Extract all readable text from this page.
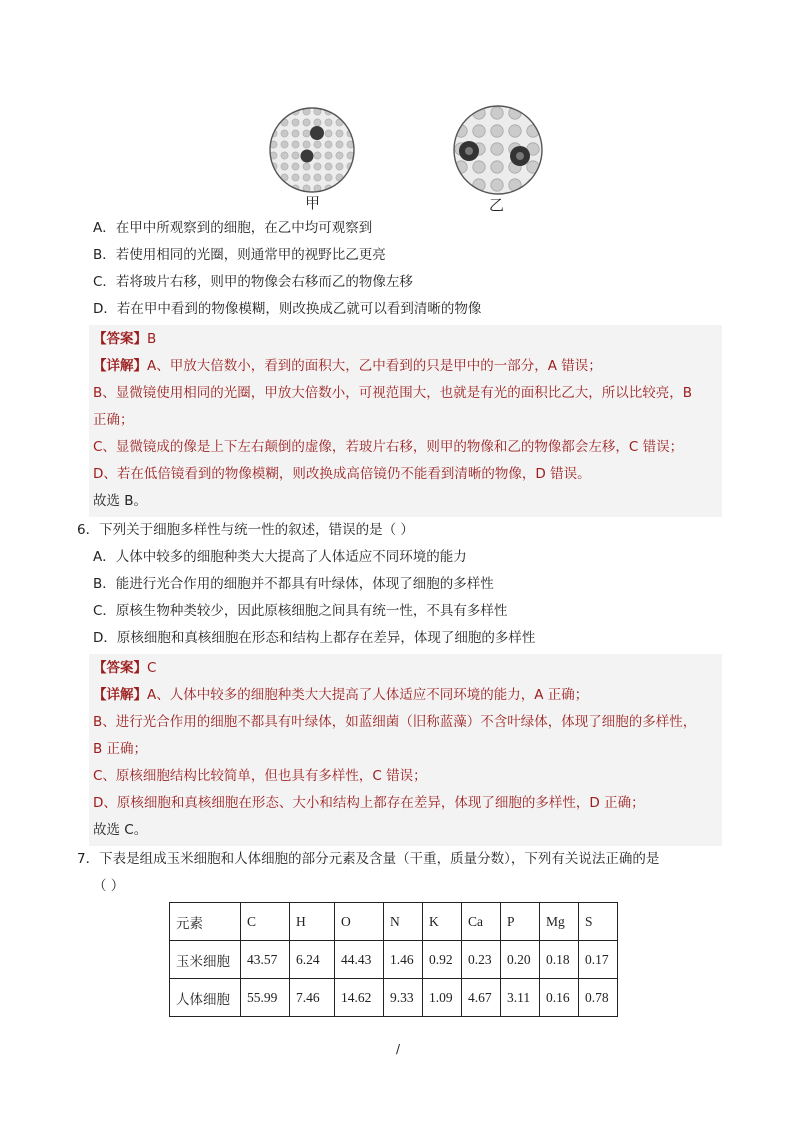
甲	乙
A．在甲中所观察到的细胞，在乙中均可观察到
B．若使用相同的光圈，则通常甲的视野比乙更亮
C．若将玻片右移，则甲的物像会右移而乙的物像左移
D．若在甲中看到的物像模糊，则改换成乙就可以看到清晰的物像
【答案】B
【详解】A、甲放大倍数小，看到的面积大，乙中看到的只是甲中的一部分，A 错误；
B、显微镜使用相同的光圈，甲放大倍数小，可视范围大，也就是有光的面积比乙大，所以比较亮，B
正确；
C、显微镜成的像是上下左右颠倒的虚像，若玻片右移，则甲的物像和乙的物像都会左移，C 错误；
D、若在低倍镜看到的物像模糊，则改换成高倍镜仍不能看到清晰的物像，D 错误。
故选 B。
6．下列关于细胞多样性与统一性的叙述，错误的是（ ）
A．人体中较多的细胞种类大大提高了人体适应不同环境的能力
B．能进行光合作用的细胞并不都具有叶绿体，体现了细胞的多样性
C．原核生物种类较少，因此原核细胞之间具有统一性，不具有多样性
D．原核细胞和真核细胞在形态和结构上都存在差异，体现了细胞的多样性
【答案】C
【详解】A、人体中较多的细胞种类大大提高了人体适应不同环境的能力，A 正确；
B、进行光合作用的细胞不都具有叶绿体，如蓝细菌（旧称蓝藻）不含叶绿体，体现了细胞的多样性，
B 正确；
C、原核细胞结构比较简单，但也具有多样性，C 错误；
D、原核细胞和真核细胞在形态、大小和结构上都存在差异，体现了细胞的多样性，D 正确；
故选 C。
7．下表是组成玉米细胞和人体细胞的部分元素及含量（干重，质量分数），下列有关说法正确的是
（ ）
元素	C	H	O	N	K	Ca	P	Mg	S
玉米细胞	43.57	6.24	44.43	1.46	0.92	0.23	0.20	0.18	0.17
人体细胞	55.99	7.46	14.62	9.33	1.09	4.67	3.11	0.16	0.78
/
